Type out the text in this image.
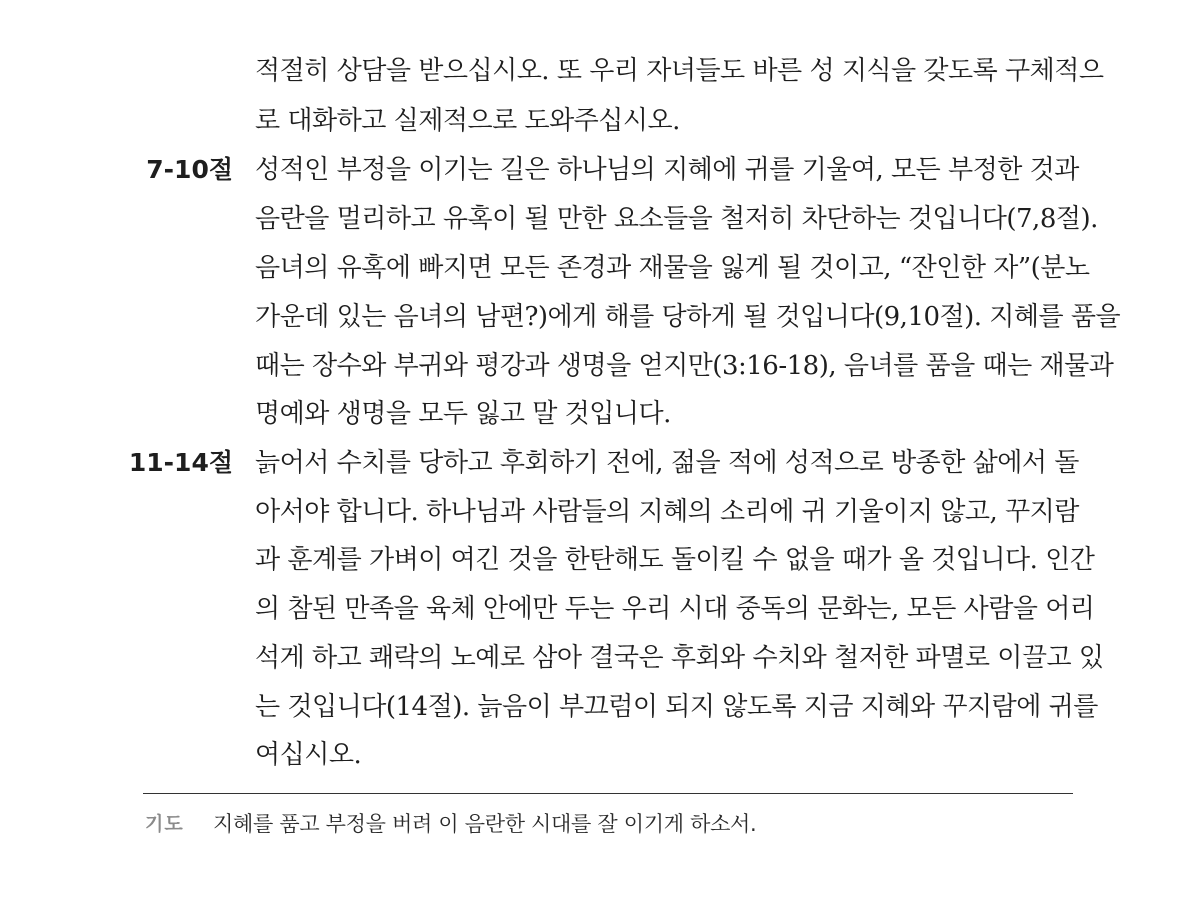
적절히 상담을 받으십시오. 또 우리 자녀들도 바른 성 지식을 갖도록 구체적으
로 대화하고 실제적으로 도와주십시오.
7-10절 성적인 부정을 이기는 길은 하나님의 지혜에 귀를 기울여, 모든 부정한 것과
음란을 멀리하고 유혹이 될 만한 요소들을 철저히 차단하는 것입니다(7,8절).
음녀의 유혹에 빠지면 모든 존경과 재물을 잃게 될 것이고, “잔인한 자”(분노
가운데 있는 음녀의 남편?)에게 해를 당하게 될 것입니다(9,10절). 지혜를 품을
때는 장수와 부귀와 평강과 생명을 얻지만(3:16-18), 음녀를 품을 때는 재물과
명예와 생명을 모두 잃고 말 것입니다.
11-14절 늙어서 수치를 당하고 후회하기 전에, 젊을 적에 성적으로 방종한 삶에서 돌
아서야 합니다. 하나님과 사람들의 지혜의 소리에 귀 기울이지 않고, 꾸지람
과 훈계를 가벼이 여긴 것을 한탄해도 돌이킬 수 없을 때가 올 것입니다. 인간
의 참된 만족을 육체 안에만 두는 우리 시대 중독의 문화는, 모든 사람을 어리
석게 하고 쾌락의 노예로 삼아 결국은 후회와 수치와 철저한 파멸로 이끌고 있
는 것입니다(14절). 늙음이 부끄럼이 되지 않도록 지금 지혜와 꾸지람에 귀를
여십시오.
기도 지혜를 품고 부정을 버려 이 음란한 시대를 잘 이기게 하소서.
